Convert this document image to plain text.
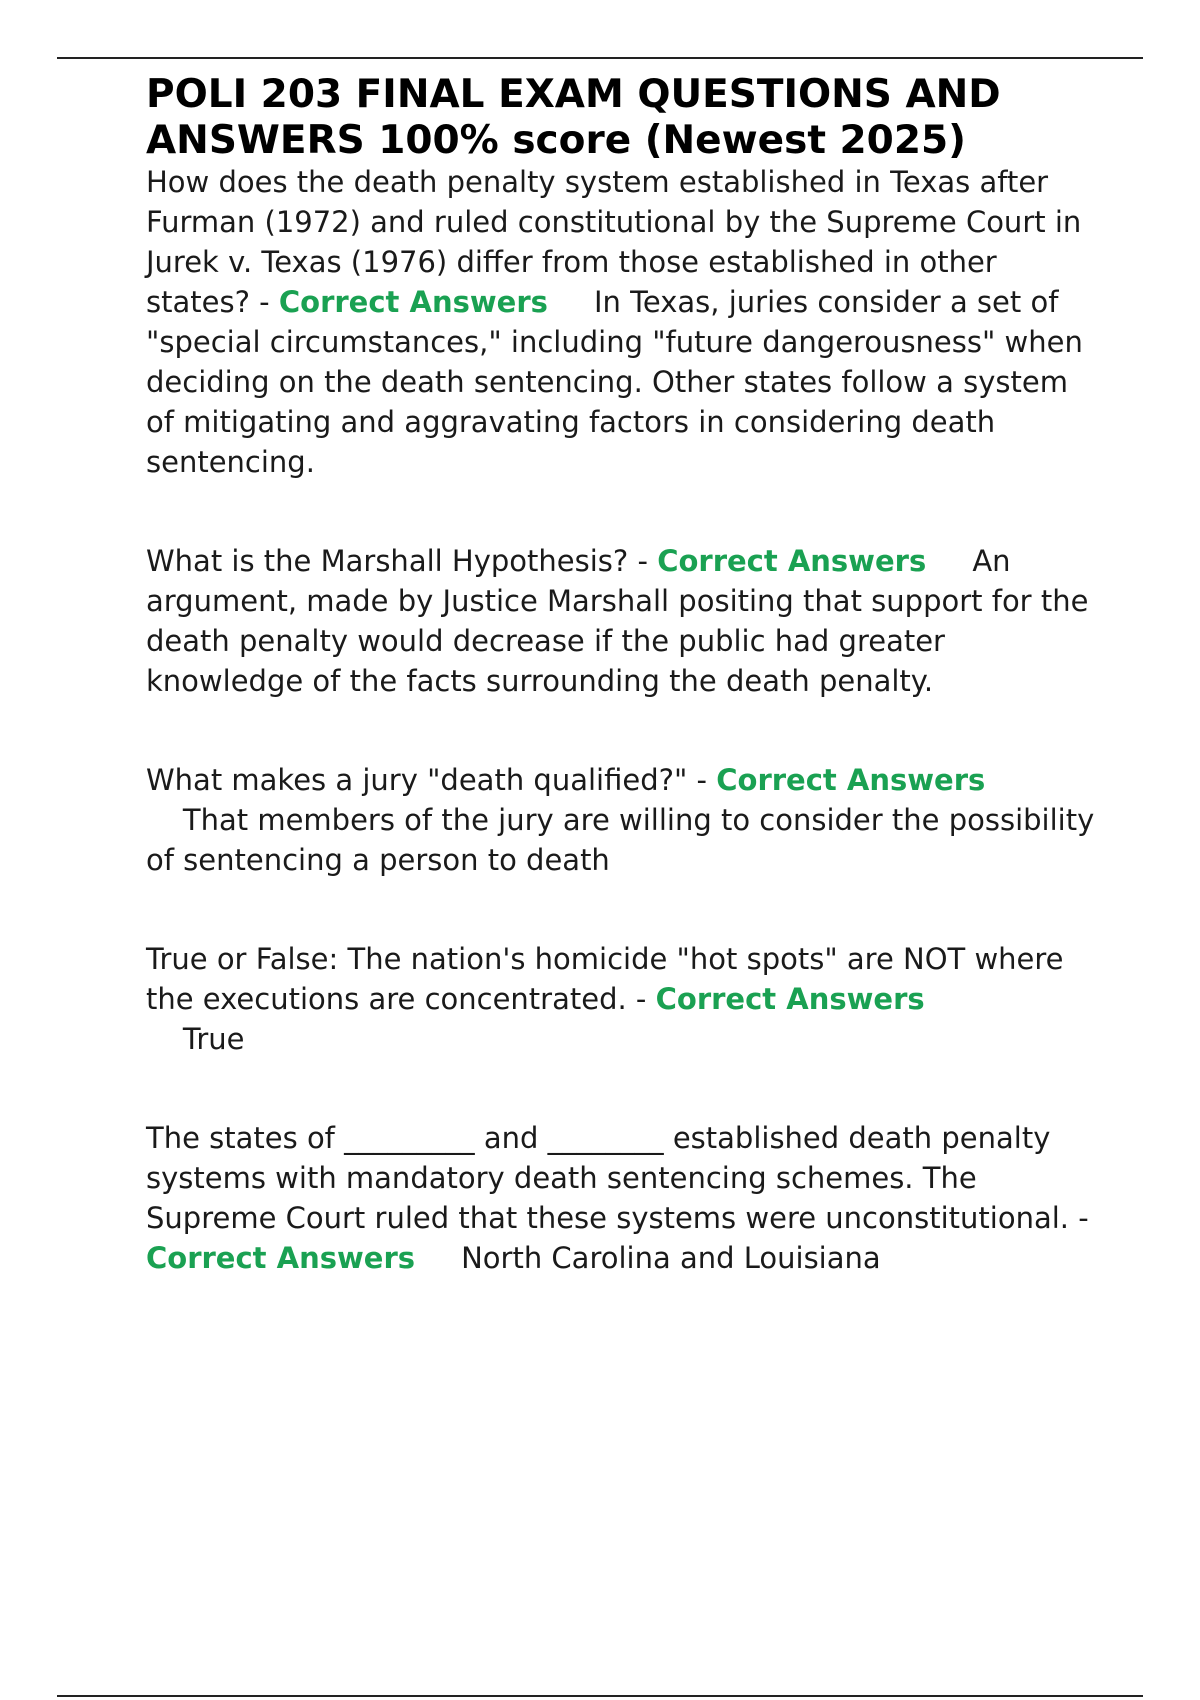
POLI 203 FINAL EXAM QUESTIONS AND
ANSWERS 100% score (Newest 2025)

How does the death penalty system established in Texas after Furman (1972) and ruled constitutional by the Supreme Court in Jurek v. Texas (1976) differ from those established in other states? - Correct Answers In Texas, juries consider a set of "special circumstances," including "future dangerousness" when deciding on the death sentencing. Other states follow a system of mitigating and aggravating factors in considering death sentencing.

What is the Marshall Hypothesis? - Correct Answers An argument, made by Justice Marshall positing that support for the death penalty would decrease if the public had greater knowledge of the facts surrounding the death penalty.

What makes a jury "death qualified?" - Correct Answers
That members of the jury are willing to consider the possibility of sentencing a person to death

True or False: The nation's homicide "hot spots" are NOT where the executions are concentrated. - Correct Answers
True

The states of _________ and ________ established death penalty systems with mandatory death sentencing schemes. The Supreme Court ruled that these systems were unconstitutional. - Correct Answers North Carolina and Louisiana
